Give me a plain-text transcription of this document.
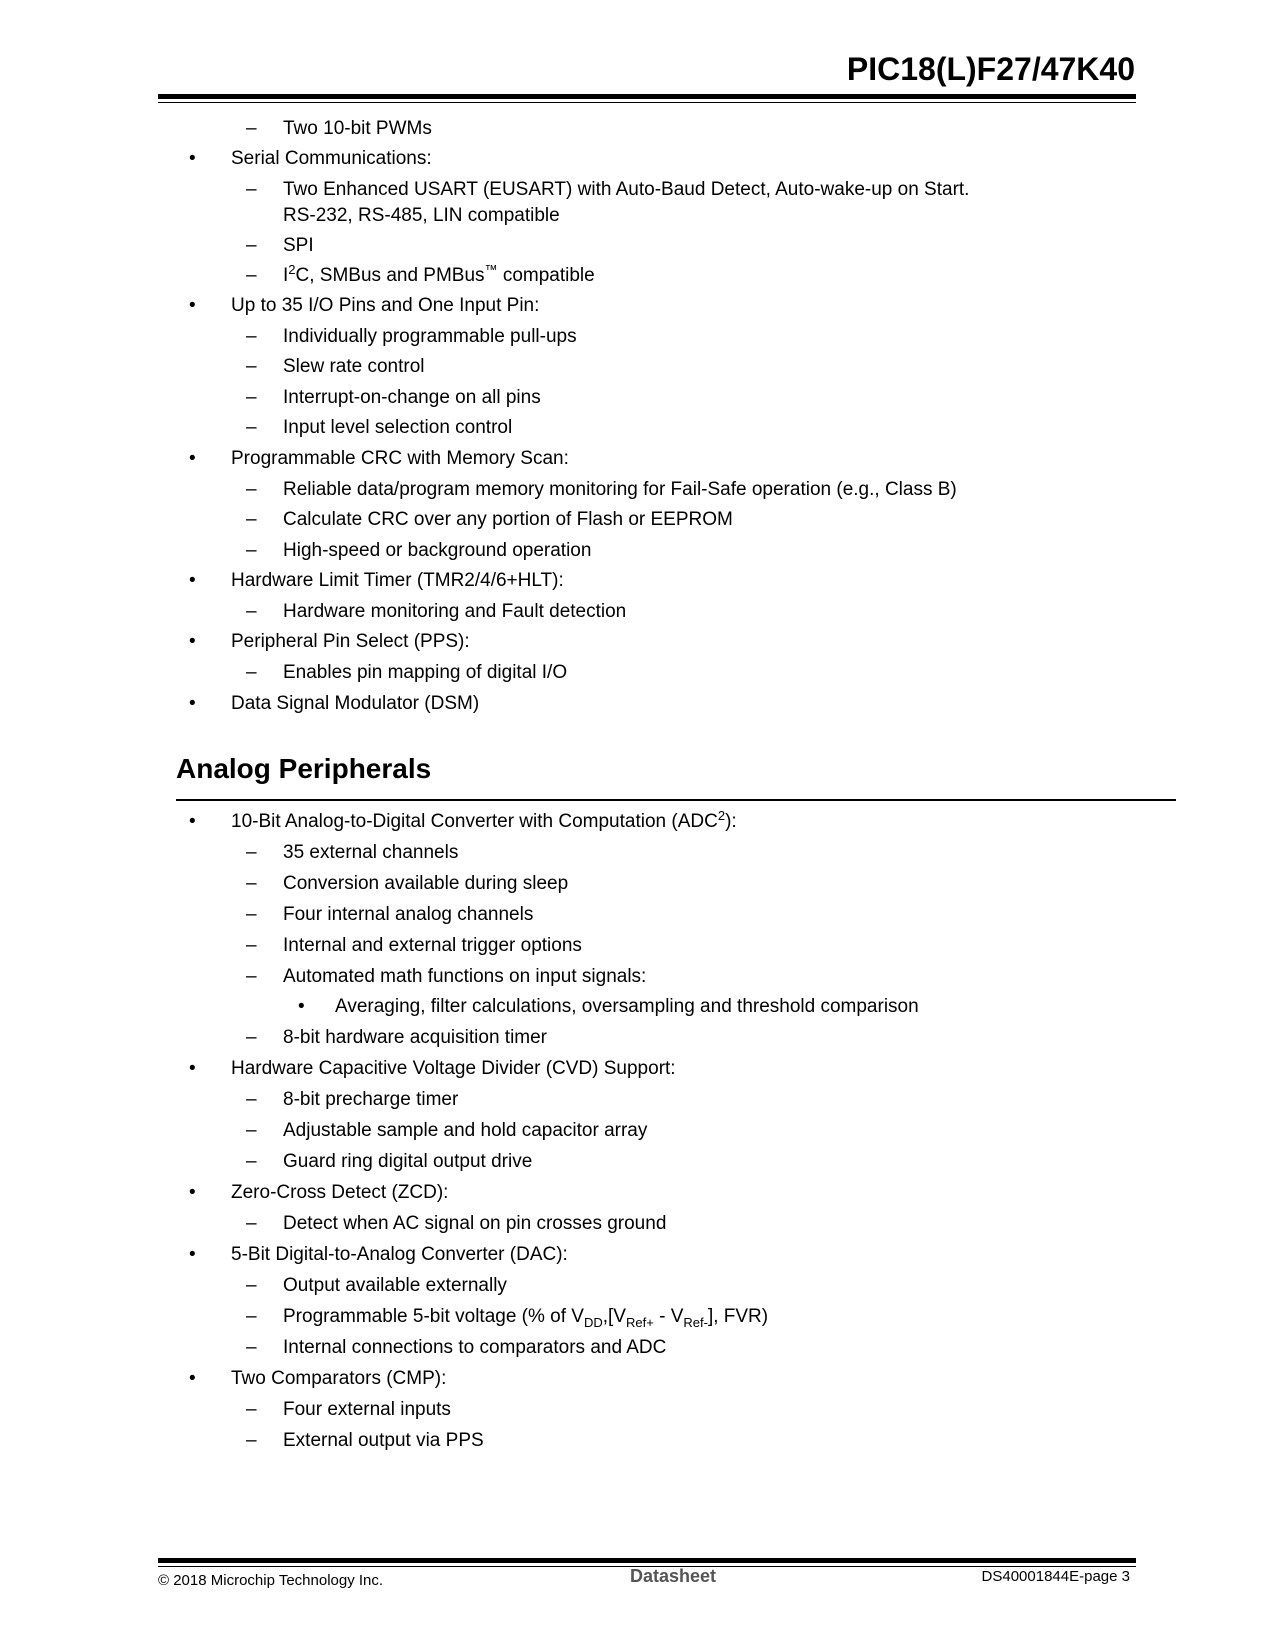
PIC18(L)F27/47K40
– Two 10-bit PWMs
• Serial Communications:
– Two Enhanced USART (EUSART) with Auto-Baud Detect, Auto-wake-up on Start.
RS-232, RS-485, LIN compatible
– SPI
– $I^2C$, SMBus and PMBus™ compatible
• Up to 35 I/O Pins and One Input Pin:
– Individually programmable pull-ups
– Slew rate control
– Interrupt-on-change on all pins
– Input level selection control
• Programmable CRC with Memory Scan:
– Reliable data/program memory monitoring for Fail-Safe operation (e.g., Class B)
– Calculate CRC over any portion of Flash or EEPROM
– High-speed or background operation
• Hardware Limit Timer (TMR2/4/6+HLT):
– Hardware monitoring and Fault detection
• Peripheral Pin Select (PPS):
– Enables pin mapping of digital I/O
• Data Signal Modulator (DSM)
Analog Peripherals
• 10-Bit Analog-to-Digital Converter with Computation (ADC$^2$):
– 35 external channels
– Conversion available during sleep
– Four internal analog channels
– Internal and external trigger options
– Automated math functions on input signals:
• Averaging, filter calculations, oversampling and threshold comparison
– 8-bit hardware acquisition timer
• Hardware Capacitive Voltage Divider (CVD) Support:
– 8-bit precharge timer
– Adjustable sample and hold capacitor array
– Guard ring digital output drive
• Zero-Cross Detect (ZCD):
– Detect when AC signal on pin crosses ground
• 5-Bit Digital-to-Analog Converter (DAC):
– Output available externally
– Programmable 5-bit voltage (% of $V_{DD},[V_{Ref+} - V_{Ref-}]$, FVR)
– Internal connections to comparators and ADC
• Two Comparators (CMP):
– Four external inputs
– External output via PPS
© 2018 Microchip Technology Inc.	Datasheet	DS40001844E-page 3
